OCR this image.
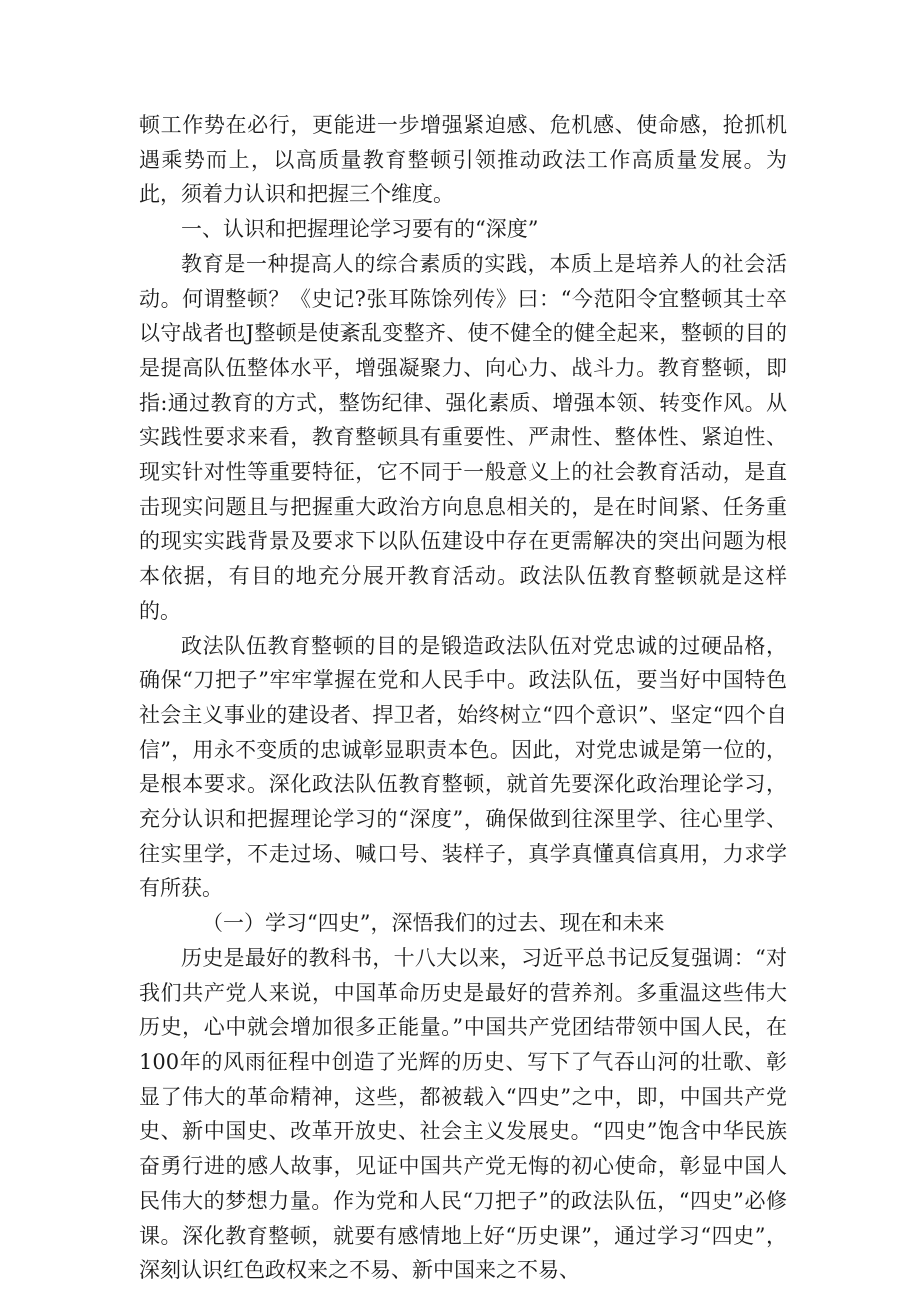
顿工作势在必行，更能进一步增强紧迫感、危机感、使命感，抢抓机遇乘势而上，以高质量教育整顿引领推动政法工作高质量发展。为此，须着力认识和把握三个维度。

一、认识和把握理论学习要有的“深度”

教育是一种提高人的综合素质的实践，本质上是培养人的社会活动。何谓整顿？《史记?张耳陈馀列传》曰：“今范阳令宜整顿其士卒以守战者也J整顿是使紊乱变整齐、使不健全的健全起来，整顿的目的是提高队伍整体水平，增强凝聚力、向心力、战斗力。教育整顿，即指:通过教育的方式，整饬纪律、强化素质、增强本领、转变作风。从实践性要求来看，教育整顿具有重要性、严肃性、整体性、紧迫性、现实针对性等重要特征，它不同于一般意义上的社会教育活动，是直击现实问题且与把握重大政治方向息息相关的，是在时间紧、任务重的现实实践背景及要求下以队伍建设中存在更需解决的突出问题为根本依据，有目的地充分展开教育活动。政法队伍教育整顿就是这样的。

政法队伍教育整顿的目的是锻造政法队伍对党忠诚的过硬品格，确保“刀把子”牢牢掌握在党和人民手中。政法队伍，要当好中国特色社会主义事业的建设者、捍卫者，始终树立“四个意识”、坚定“四个自信”，用永不变质的忠诚彰显职责本色。因此，对党忠诚是第一位的，是根本要求。深化政法队伍教育整顿，就首先要深化政治理论学习，充分认识和把握理论学习的“深度”，确保做到往深里学、往心里学、往实里学，不走过场、喊口号、装样子，真学真懂真信真用，力求学有所获。

（一）学习“四史”，深悟我们的过去、现在和未来

历史是最好的教科书，十八大以来，习近平总书记反复强调：“对我们共产党人来说，中国革命历史是最好的营养剂。多重温这些伟大历史，心中就会增加很多正能量。”中国共产党团结带领中国人民，在100年的风雨征程中创造了光辉的历史、写下了气吞山河的壮歌、彰显了伟大的革命精神，这些，都被载入“四史”之中，即，中国共产党史、新中国史、改革开放史、社会主义发展史。“四史”饱含中华民族奋勇行进的感人故事，见证中国共产党无悔的初心使命，彰显中国人民伟大的梦想力量。作为党和人民“刀把子”的政法队伍，“四史”必修课。深化教育整顿，就要有感情地上好“历史课”，通过学习“四史”，深刻认识红色政权来之不易、新中国来之不易、
